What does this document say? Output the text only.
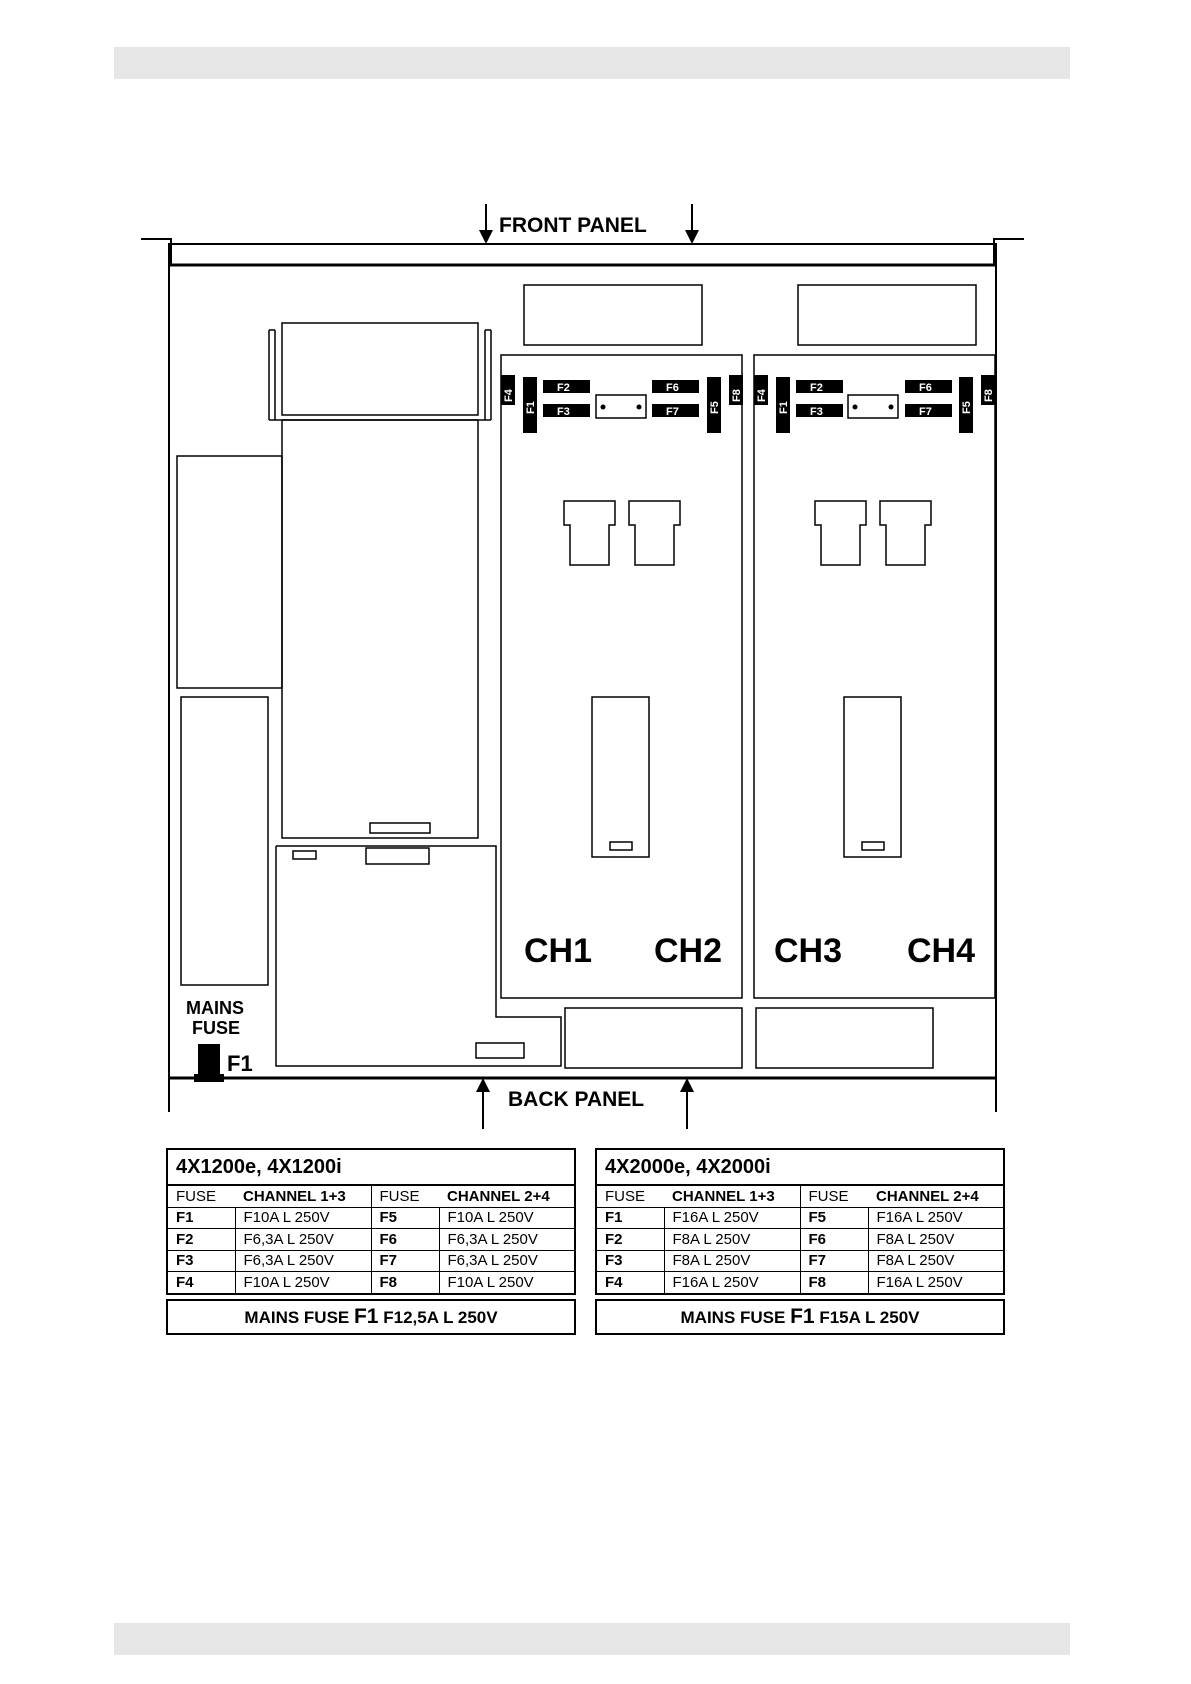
F4
F1
F2
F3
F6
F7	F5
F8 F4
F1
F2
F3
F6
F7	F5
F8
FRONT PANEL
BACK PANEL
MAINS
FUSE
F1
CH1 CH2 CH3 CH4
4X1200e, 4X1200i
FUSE	CHANNEL 1+3	FUSE	CHANNEL 2+4
F1	F10A L 250V	F5	F10A L 250V
F2	F6,3A L 250V	F6	F6,3A L 250V
F3	F6,3A L 250V	F7	F6,3A L 250V
F4	F10A L 250V	F8	F10A L 250V
MAINS FUSE F1 F12,5A L 250V
4X2000e, 4X2000i
FUSE	CHANNEL 1+3	FUSE	CHANNEL 2+4
F1	F16A L 250V	F5	F16A L 250V
F2	F8A L 250V	F6	F8A L 250V
F3	F8A L 250V	F7	F8A L 250V
F4	F16A L 250V	F8	F16A L 250V
MAINS FUSE F1 F15A L 250V
